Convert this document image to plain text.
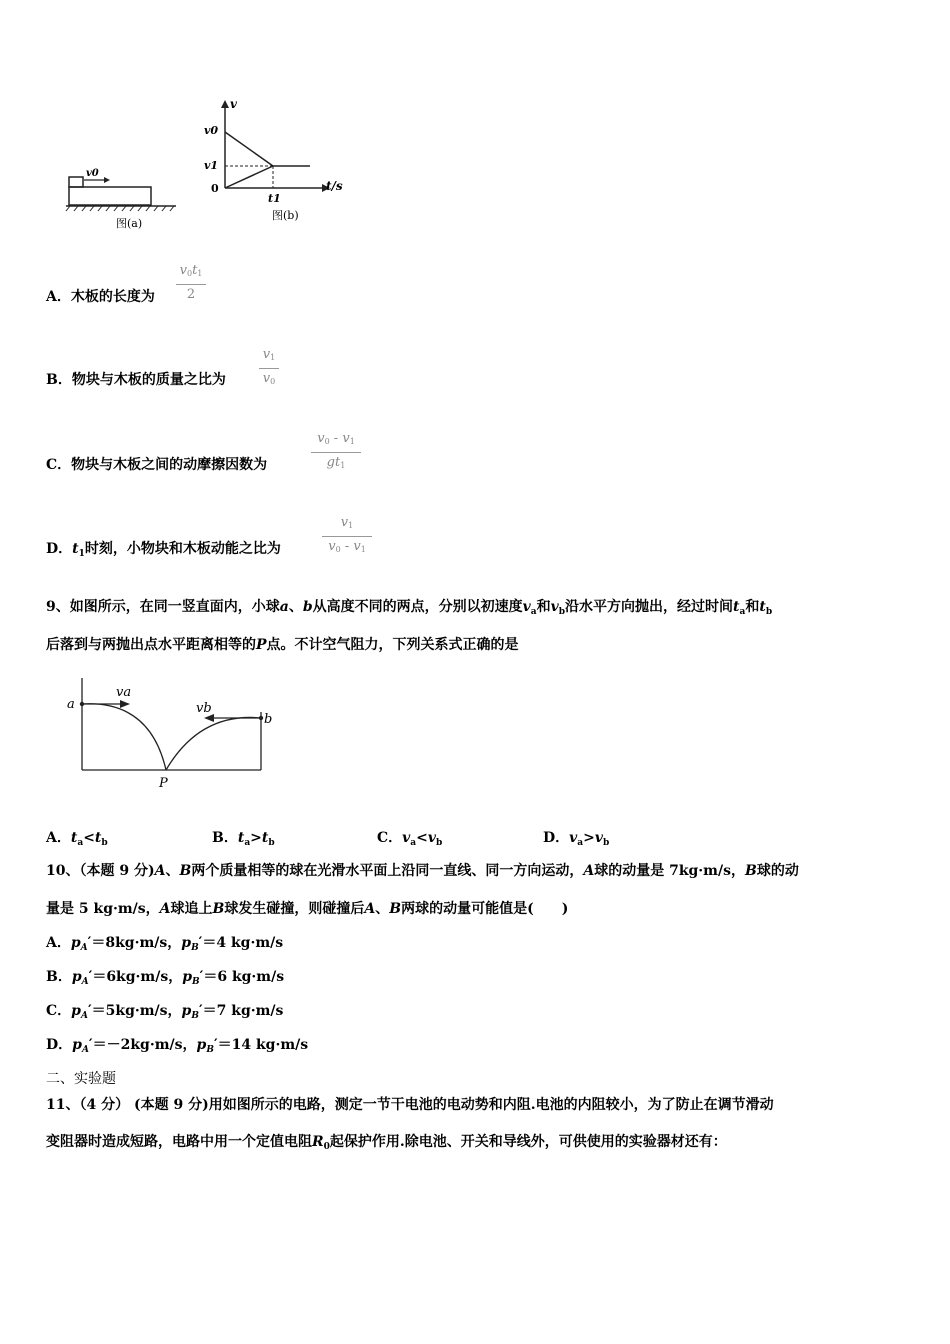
v0
图(a)
v
v0
v1
0
t1
t/s
图(b)
A．木板的长度为
v0t1
2
B．物块与木板的质量之比为
v1
v0
C．物块与木板之间的动摩擦因数为
v0 - v1
gt1
D．$t_1$时刻，小物块和木板动能之比为
v1
v0 - v1
9、如图所示，在同一竖直面内，小球a、b从高度不同的两点，分别以初速度$v_a$和$v_b$沿水平方向抛出，经过时间$t_a$和$t_b$
后落到与两抛出点水平距离相等的P点。不计空气阻力，下列关系式正确的是
a
b
va
vb
P
A．$t_a<t_b$	B．$t_a>t_b$	C．$v_a<v_b$	D．$v_a>v_b$
10、（本题 9 分)A、B两个质量相等的球在光滑水平面上沿同一直线、同一方向运动，A球的动量是 7kg·m/s，B球的动
量是 5 kg·m/s，A球追上B球发生碰撞，则碰撞后A、B两球的动量可能值是(　　)
A．$p_A'=8kg\cdot m/s$，$p_B'=4$ kg·m/s
B．$p_A'=6kg\cdot m/s$，$p_B'=6$ kg·m/s
C．$p_A'=5kg\cdot m/s$，$p_B'=7$ kg·m/s
D．$p_A'=-2kg\cdot m/s$，$p_B'=14$ kg·m/s
二、实验题
11、（4 分） (本题 9 分)用如图所示的电路，测定一节干电池的电动势和内阻.电池的内阻较小，为了防止在调节滑动
变阻器时造成短路，电路中用一个定值电阻$R_0$起保护作用.除电池、开关和导线外，可供使用的实验器材还有：
